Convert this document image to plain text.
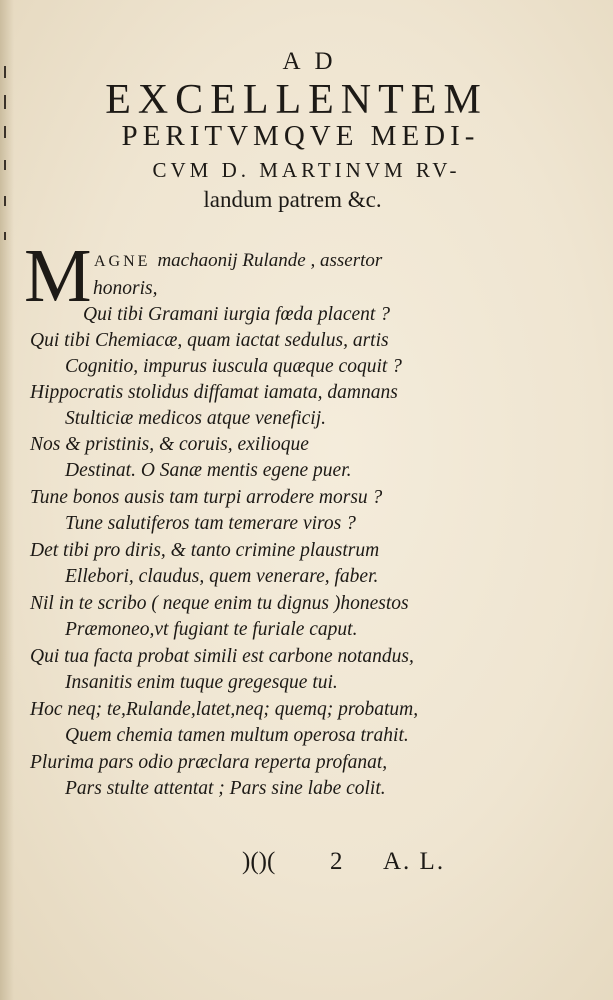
AD
EXCELLENTEM
PERITVMQVE MEDI-
CVM D. MARTINVM RV-
landum patrem &c.
M AGNE machaonij Rulande , assertor
honoris,
Qui tibi Gramani iurgia fœda placent ?
Qui tibi Chemiacæ, quam iactat sedulus, artis
Cognitio, impurus iuscula quæque coquit ?
Hippocratis stolidus diffamat iamata, damnans
Stulticiæ medicos atque veneficij.
Nos & pristinis, & coruis, exilioque
Destinat. O Sanæ mentis egene puer.
Tune bonos ausis tam turpi arrodere morsu ?
Tune salutiferos tam temerare viros ?
Det tibi pro diris, & tanto crimine plaustrum
Ellebori, claudus, quem venerare, faber.
Nil in te scribo ( neque enim tu dignus )honestos
Præmoneo,vt fugiant te furiale caput.
Qui tua facta probat simili est carbone notandus,
Insanitis enim tuque gregesque tui.
Hoc neq; te,Rulande,latet,neq; quemq; probatum,
Quem chemia tamen multum operosa trahit.
Plurima pars odio præclara reperta profanat,
Pars stulte attentat ; Pars sine labe colit.
)()( 2 A. L.
